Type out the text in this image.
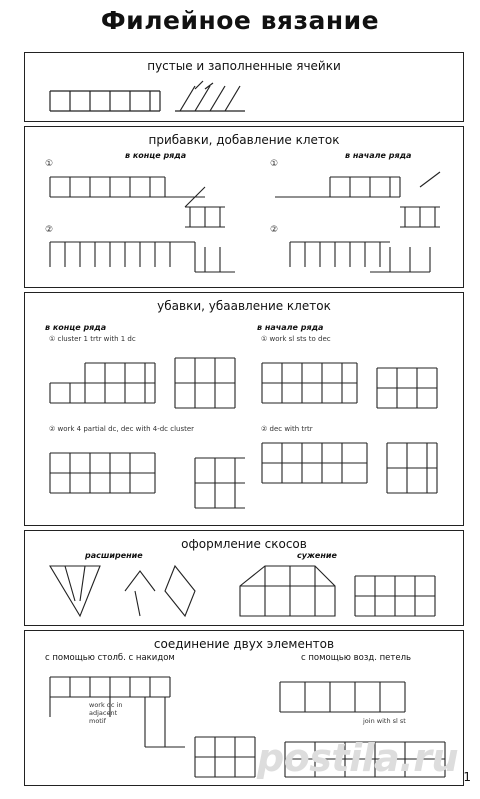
Филейное вязание
пустые и заполненные ячейки
прибавки, добавление клеток
в конце ряда	в начале ряда
①	①
②	②
убавки, убаавление клеток
в конце ряда	в начале ряда
① cluster 1 trtr with 1 dc	① work sl sts to dec
② work 4 partial dc, dec with 4-dc cluster	② dec with trtr
оформление скосов
расширение	сужение
соединение двух элементов
с помощью столб. с накидом	с помощью возд. петель
work dc in adjacent motif	join with sl st
postila.ru 1
